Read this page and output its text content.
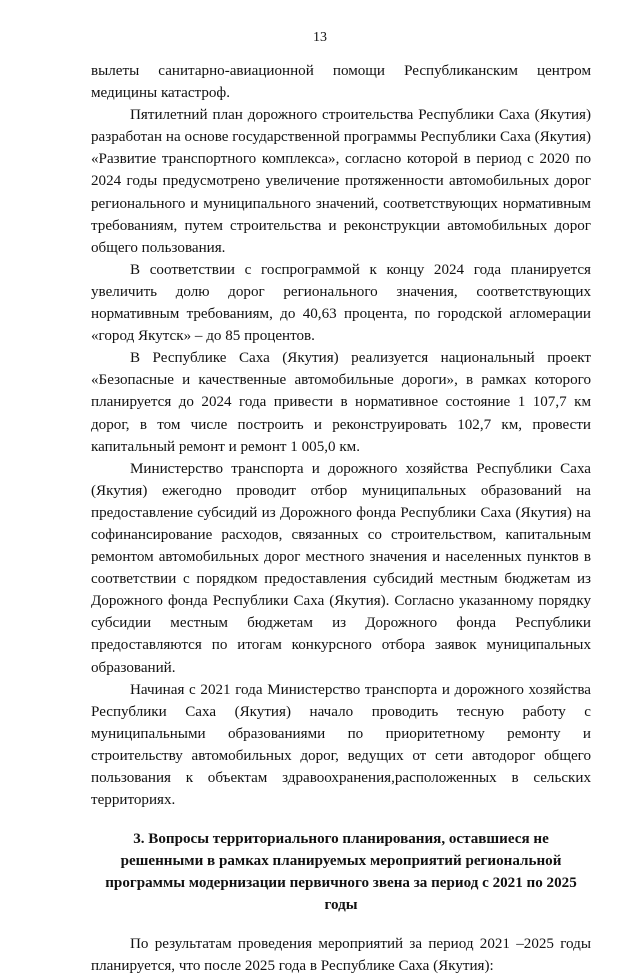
13

вылеты санитарно-авиационной помощи Республиканским центром медицины катастроф.

Пятилетний план дорожного строительства Республики Саха (Якутия) разработан на основе государственной программы Республики Саха (Якутия) «Развитие транспортного комплекса», согласно которой в период с 2020 по 2024 годы предусмотрено увеличение протяженности автомобильных дорог регионального и муниципального значений, соответствующих нормативным требованиям, путем строительства и реконструкции автомобильных дорог общего пользования.

В соответствии с госпрограммой к концу 2024 года планируется увеличить долю дорог регионального значения, соответствующих нормативным требованиям, до 40,63 процента, по городской агломерации «город Якутск» – до 85 процентов.

В Республике Саха (Якутия) реализуется национальный проект «Безопасные и качественные автомобильные дороги», в рамках которого планируется до 2024 года привести в нормативное состояние 1 107,7 км дорог, в том числе построить и реконструировать 102,7 км, провести капитальный ремонт и ремонт 1 005,0 км.

Министерство транспорта и дорожного хозяйства Республики Саха (Якутия) ежегодно проводит отбор муниципальных образований на предоставление субсидий из Дорожного фонда Республики Саха (Якутия) на софинансирование расходов, связанных со строительством, капитальным ремонтом автомобильных дорог местного значения и населенных пунктов в соответствии с порядком предоставления субсидий местным бюджетам из Дорожного фонда Республики Саха (Якутия). Согласно указанному порядку субсидии местным бюджетам из Дорожного фонда Республики предоставляются по итогам конкурсного отбора заявок муниципальных образований.

Начиная с 2021 года Министерство транспорта и дорожного хозяйства Республики Саха (Якутия) начало проводить тесную работу с муниципальными образованиями по приоритетному ремонту и строительству автомобильных дорог, ведущих от сети автодорог общего пользования к объектам здравоохранения,расположенных в сельских территориях.

3. Вопросы территориального планирования, оставшиеся не решенными в рамках планируемых мероприятий региональной программы модернизации первичного звена за период с 2021 по 2025 годы

По результатам проведения мероприятий за период 2021 –2025 годы планируется, что после 2025 года в Республике Саха (Якутия):
